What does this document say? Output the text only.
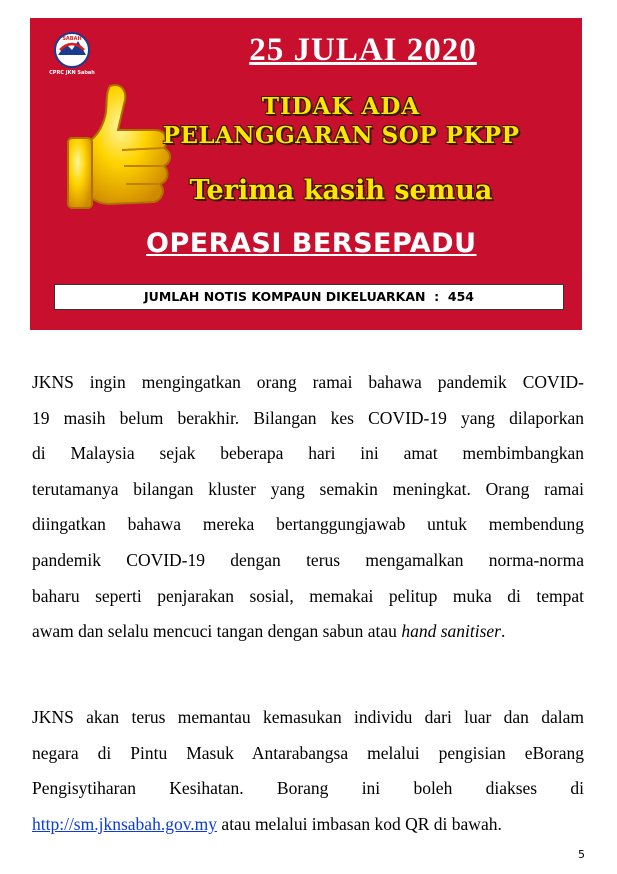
SABAH
CPRC JKN Sabah
25 JULAI 2020
TIDAK ADA
PELANGGARAN SOP PKPP
Terima kasih semua
OPERASI BERSEPADU
JUMLAH NOTIS KOMPAUN DIKELUARKAN  :  454
JKNS ingin mengingatkan orang ramai bahawa pandemik COVID-
19 masih belum berakhir. Bilangan kes COVID-19 yang dilaporkan
di Malaysia sejak beberapa hari ini amat membimbangkan
terutamanya bilangan kluster yang semakin meningkat. Orang ramai
diingatkan bahawa mereka bertanggungjawab untuk membendung
pandemik COVID-19 dengan terus mengamalkan norma-norma
baharu seperti penjarakan sosial, memakai pelitup muka di tempat
awam dan selalu mencuci tangan dengan sabun atau hand sanitiser.
JKNS akan terus memantau kemasukan individu dari luar dan dalam
negara di Pintu Masuk Antarabangsa melalui pengisian eBorang
Pengisytiharan Kesihatan. Borang ini boleh diakses di
http://sm.jknsabah.gov.my atau melalui imbasan kod QR di bawah.
5
